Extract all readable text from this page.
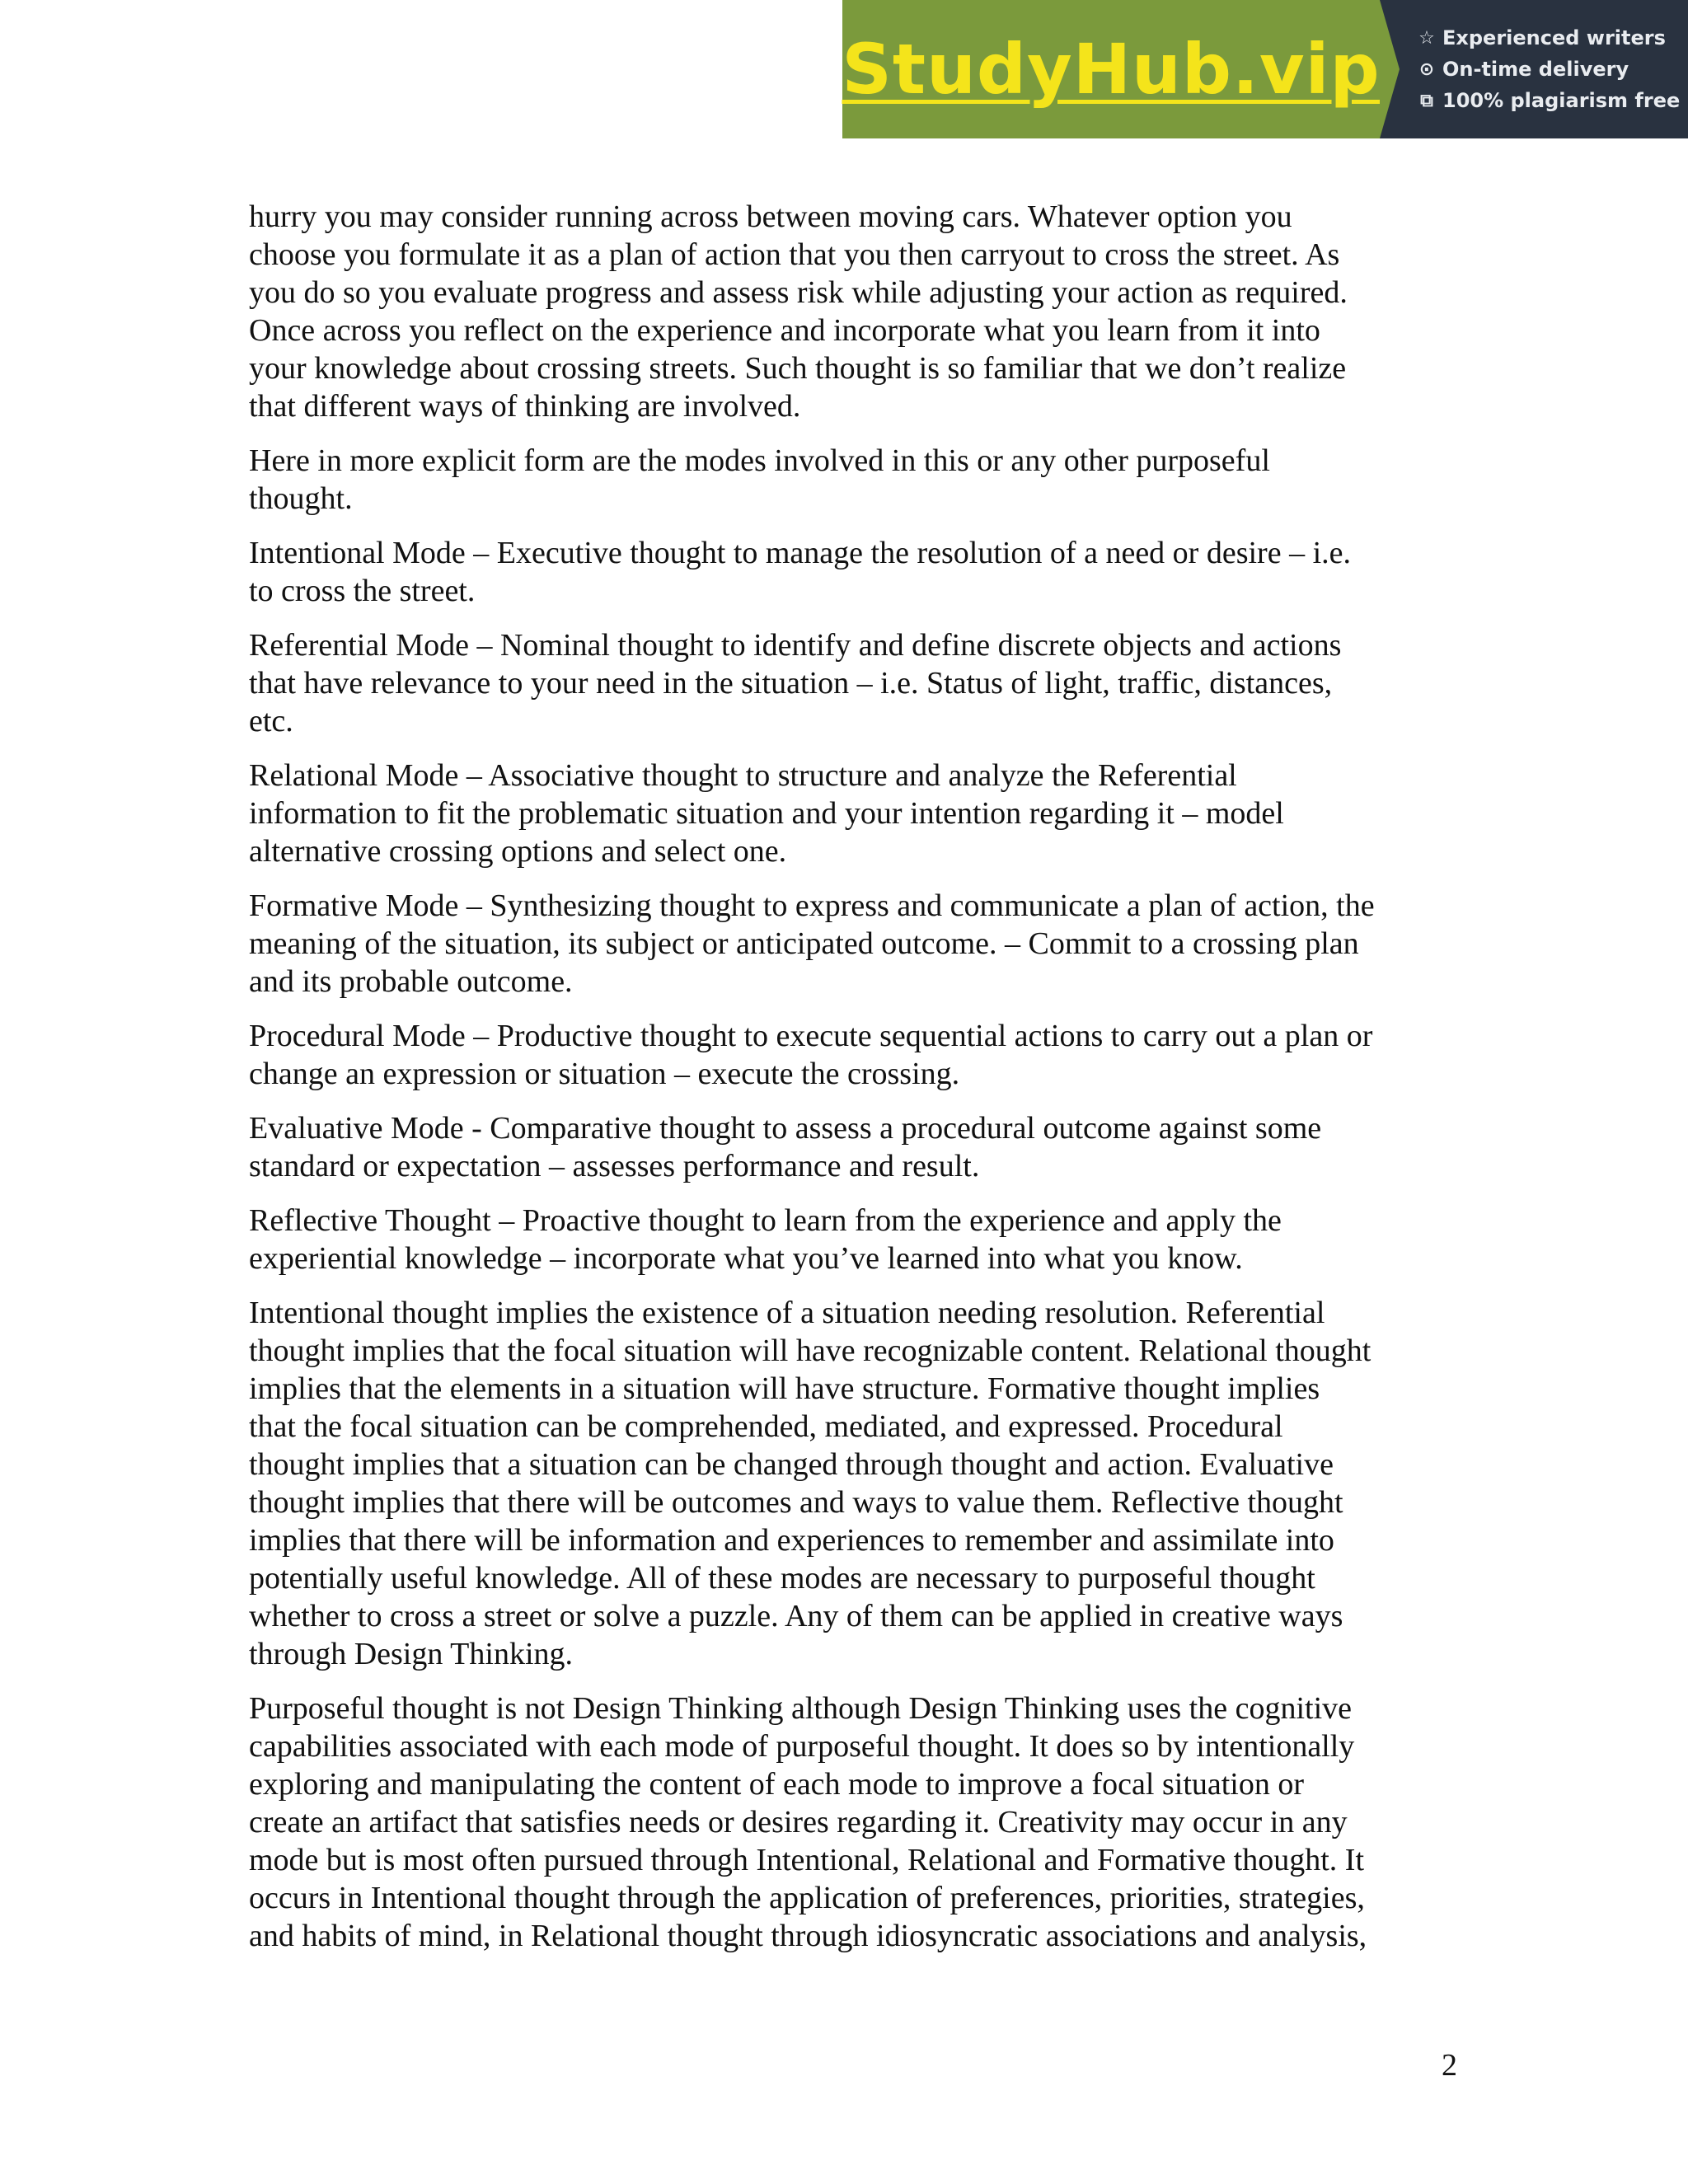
StudyHub.vip ☆ Experienced writers
⊙ On-time delivery
⧉ 100% plagiarism free

hurry you may consider running across between moving cars. Whatever option you
choose you formulate it as a plan of action that you then carryout to cross the street. As
you do so you evaluate progress and assess risk while adjusting your action as required.
Once across you reflect on the experience and incorporate what you learn from it into
your knowledge about crossing streets. Such thought is so familiar that we don’t realize
that different ways of thinking are involved.

Here in more explicit form are the modes involved in this or any other purposeful
thought.

Intentional Mode – Executive thought to manage the resolution of a need or desire – i.e.
to cross the street.

Referential Mode – Nominal thought to identify and define discrete objects and actions
that have relevance to your need in the situation – i.e. Status of light, traffic, distances,
etc.

Relational Mode – Associative thought to structure and analyze the Referential
information to fit the problematic situation and your intention regarding it – model
alternative crossing options and select one.

Formative Mode – Synthesizing thought to express and communicate a plan of action, the
meaning of the situation, its subject or anticipated outcome. – Commit to a crossing plan
and its probable outcome.

Procedural Mode – Productive thought to execute sequential actions to carry out a plan or
change an expression or situation – execute the crossing.

Evaluative Mode - Comparative thought to assess a procedural outcome against some
standard or expectation – assesses performance and result.

Reflective Thought – Proactive thought to learn from the experience and apply the
experiential knowledge – incorporate what you’ve learned into what you know.

Intentional thought implies the existence of a situation needing resolution. Referential
thought implies that the focal situation will have recognizable content. Relational thought
implies that the elements in a situation will have structure. Formative thought implies
that the focal situation can be comprehended, mediated, and expressed. Procedural
thought implies that a situation can be changed through thought and action. Evaluative
thought implies that there will be outcomes and ways to value them. Reflective thought
implies that there will be information and experiences to remember and assimilate into
potentially useful knowledge. All of these modes are necessary to purposeful thought
whether to cross a street or solve a puzzle. Any of them can be applied in creative ways
through Design Thinking.

Purposeful thought is not Design Thinking although Design Thinking uses the cognitive
capabilities associated with each mode of purposeful thought. It does so by intentionally
exploring and manipulating the content of each mode to improve a focal situation or
create an artifact that satisfies needs or desires regarding it. Creativity may occur in any
mode but is most often pursued through Intentional, Relational and Formative thought. It
occurs in Intentional thought through the application of preferences, priorities, strategies,
and habits of mind, in Relational thought through idiosyncratic associations and analysis,

2
